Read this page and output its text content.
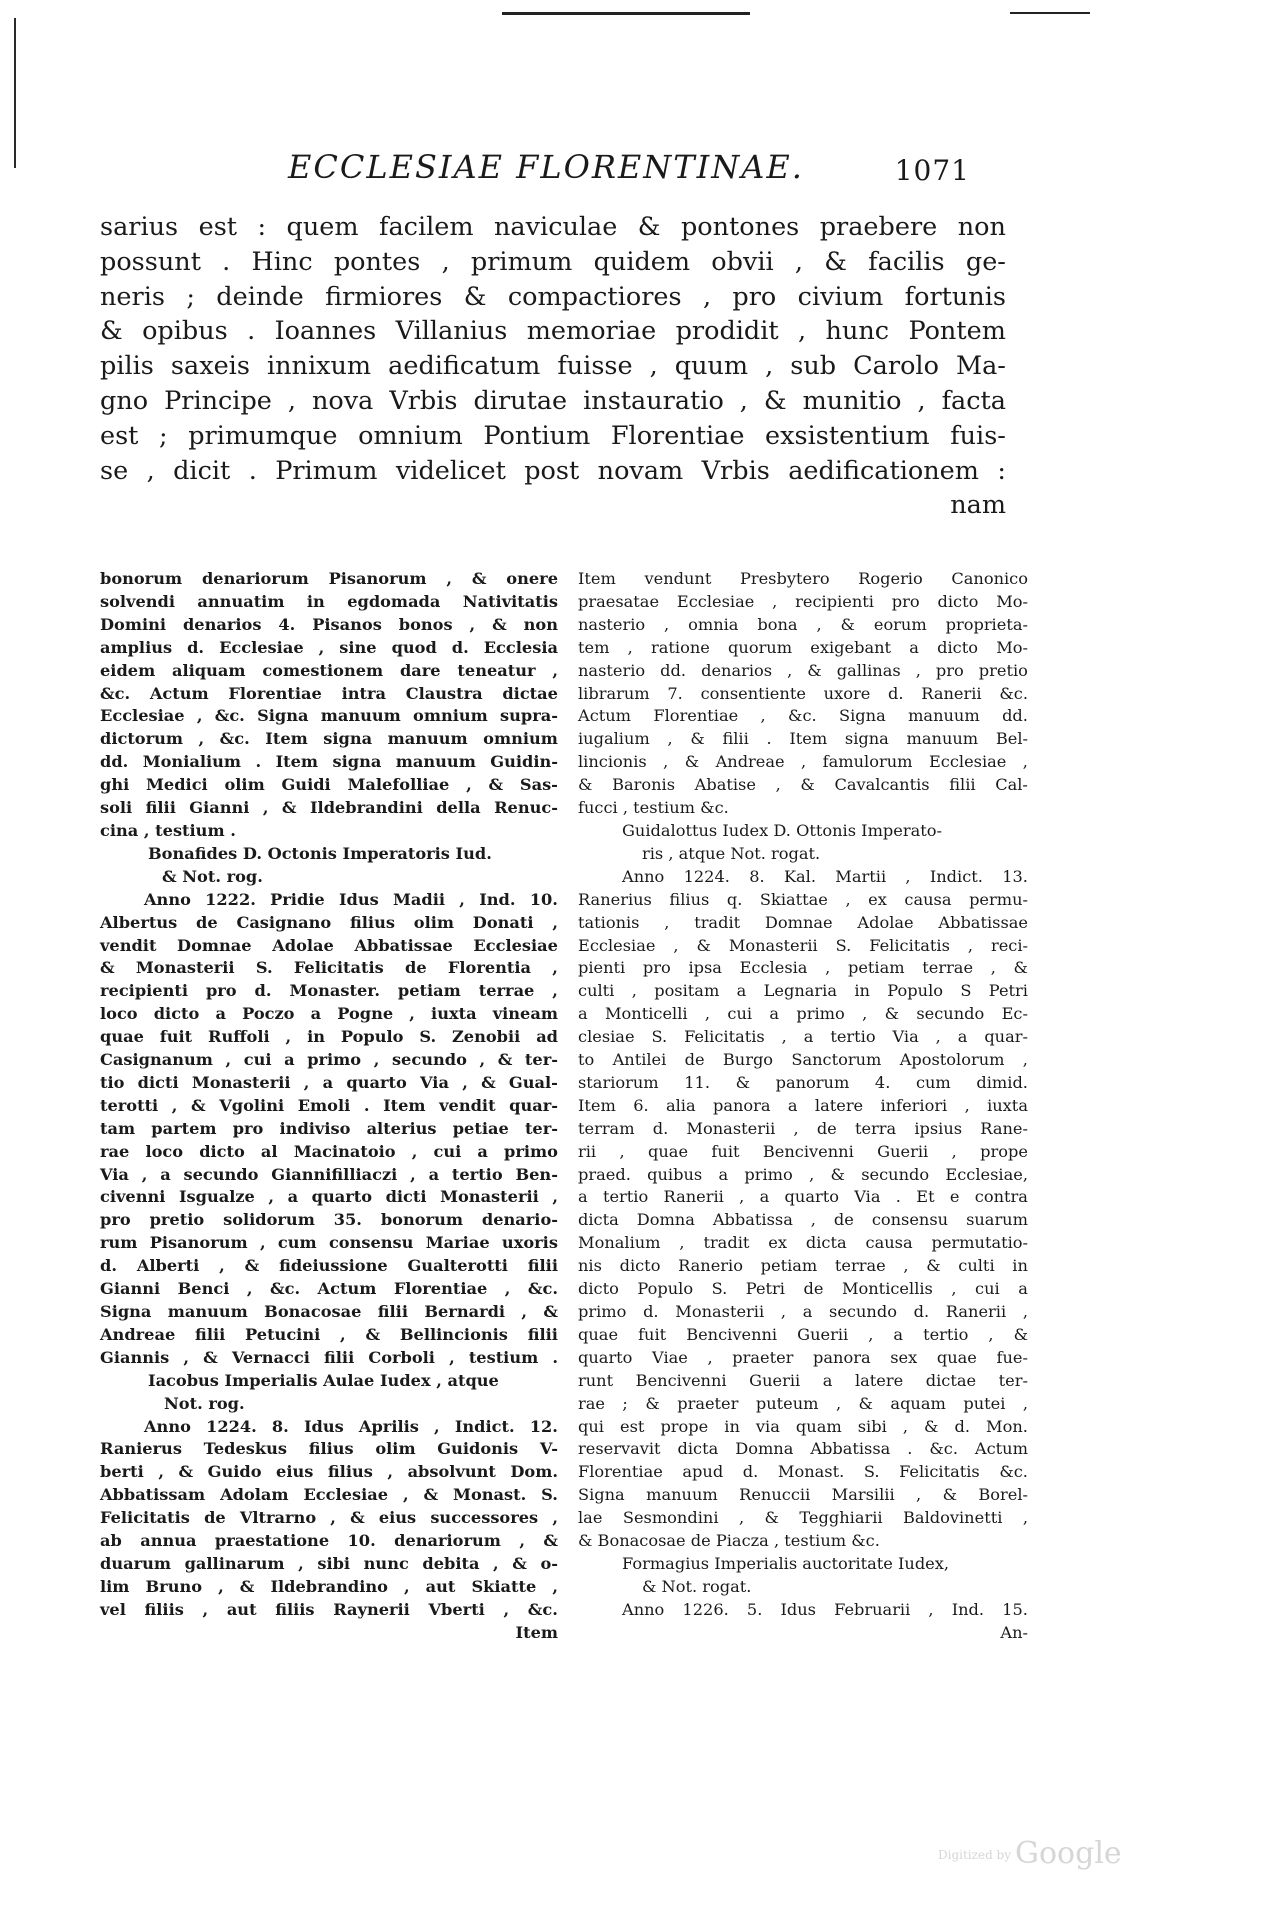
ECCLESIAE FLORENTINAE.	1071
sarius est : quem facilem naviculae & pontones praebere non
possunt . Hinc pontes , primum quidem obvii , & facilis ge-
neris ; deinde firmiores & compactiores , pro civium fortunis
& opibus . Ioannes Villanius memoriae prodidit , hunc Pontem
pilis saxeis innixum aedificatum fuisse , quum , sub Carolo Ma-
gno Principe , nova Vrbis dirutae instauratio , & munitio , facta
est ; primumque omnium Pontium Florentiae exsistentium fuis-
se , dicit . Primum videlicet post novam Vrbis aedificationem :
nam
bonorum denariorum Pisanorum , & onere
solvendi annuatim in egdomada Nativitatis
Domini denarios 4. Pisanos bonos , & non
amplius d. Ecclesiae , sine quod d. Ecclesia
eidem aliquam comestionem dare teneatur ,
&c. Actum Florentiae intra Claustra dictae
Ecclesiae , &c. Signa manuum omnium supra-
dictorum , &c. Item signa manuum omnium
dd. Monialium . Item signa manuum Guidin-
ghi Medici olim Guidi Malefolliae , & Sas-
soli filii Gianni , & Ildebrandini della Renuc-
cina , testium .
Bonafides D. Octonis Imperatoris Iud.
& Not. rog.
Anno 1222. Pridie Idus Madii , Ind. 10.
Albertus de Casignano filius olim Donati ,
vendit Domnae Adolae Abbatissae Ecclesiae
& Monasterii S. Felicitatis de Florentia ,
recipienti pro d. Monaster. petiam terrae ,
loco dicto a Poczo a Pogne , iuxta vineam
quae fuit Ruffoli , in Populo S. Zenobii ad
Casignanum , cui a primo , secundo , & ter-
tio dicti Monasterii , a quarto Via , & Gual-
terotti , & Vgolini Emoli . Item vendit quar-
tam partem pro indiviso alterius petiae ter-
rae loco dicto al Macinatoio , cui a primo
Via , a secundo Giannifilliaczi , a tertio Ben-
civenni Isgualze , a quarto dicti Monasterii ,
pro pretio solidorum 35. bonorum denario-
rum Pisanorum , cum consensu Mariae uxoris
d. Alberti , & fideiussione Gualterotti filii
Gianni Benci , &c. Actum Florentiae , &c.
Signa manuum Bonacosae filii Bernardi , &
Andreae filii Petucini , & Bellincionis filii
Giannis , & Vernacci filii Corboli , testium .
Iacobus Imperialis Aulae Iudex , atque
Not. rog.
Anno 1224. 8. Idus Aprilis , Indict. 12.
Ranierus Tedeskus filius olim Guidonis V-
berti , & Guido eius filius , absolvunt Dom.
Abbatissam Adolam Ecclesiae , & Monast. S.
Felicitatis de Vltrarno , & eius successores ,
ab annua praestatione 10. denariorum , &
duarum gallinarum , sibi nunc debita , & o-
lim Bruno , & Ildebrandino , aut Skiatte ,
vel filiis , aut filiis Raynerii Vberti , &c.
Item
Item vendunt Presbytero Rogerio Canonico
praesatae Ecclesiae , recipienti pro dicto Mo-
nasterio , omnia bona , & eorum proprieta-
tem , ratione quorum exigebant a dicto Mo-
nasterio dd. denarios , & gallinas , pro pretio
librarum 7. consentiente uxore d. Ranerii &c.
Actum Florentiae , &c. Signa manuum dd.
iugalium , & filii . Item signa manuum Bel-
lincionis , & Andreae , famulorum Ecclesiae ,
& Baronis Abatise , & Cavalcantis filii Cal-
fucci , testium &c.
Guidalottus Iudex D. Ottonis Imperato-
ris , atque Not. rogat.
Anno 1224. 8. Kal. Martii , Indict. 13.
Ranerius filius q. Skiattae , ex causa permu-
tationis , tradit Domnae Adolae Abbatissae
Ecclesiae , & Monasterii S. Felicitatis , reci-
pienti pro ipsa Ecclesia , petiam terrae , &
culti , positam a Legnaria in Populo S Petri
a Monticelli , cui a primo , & secundo Ec-
clesiae S. Felicitatis , a tertio Via , a quar-
to Antilei de Burgo Sanctorum Apostolorum ,
stariorum 11. & panorum 4. cum dimid.
Item 6. alia panora a latere inferiori , iuxta
terram d. Monasterii , de terra ipsius Rane-
rii , quae fuit Bencivenni Guerii , prope
praed. quibus a primo , & secundo Ecclesiae,
a tertio Ranerii , a quarto Via . Et e contra
dicta Domna Abbatissa , de consensu suarum
Monalium , tradit ex dicta causa permutatio-
nis dicto Ranerio petiam terrae , & culti in
dicto Populo S. Petri de Monticellis , cui a
primo d. Monasterii , a secundo d. Ranerii ,
quae fuit Bencivenni Guerii , a tertio , &
quarto Viae , praeter panora sex quae fue-
runt Bencivenni Guerii a latere dictae ter-
rae ; & praeter puteum , & aquam putei ,
qui est prope in via quam sibi , & d. Mon.
reservavit dicta Domna Abbatissa . &c. Actum
Florentiae apud d. Monast. S. Felicitatis &c.
Signa manuum Renuccii Marsilii , & Borel-
lae Sesmondini , & Tegghiarii Baldovinetti ,
& Bonacosae de Piacza , testium &c.
Formagius Imperialis auctoritate Iudex,
& Not. rogat.
Anno 1226. 5. Idus Februarii , Ind. 15.
An-
Digitized by Google
